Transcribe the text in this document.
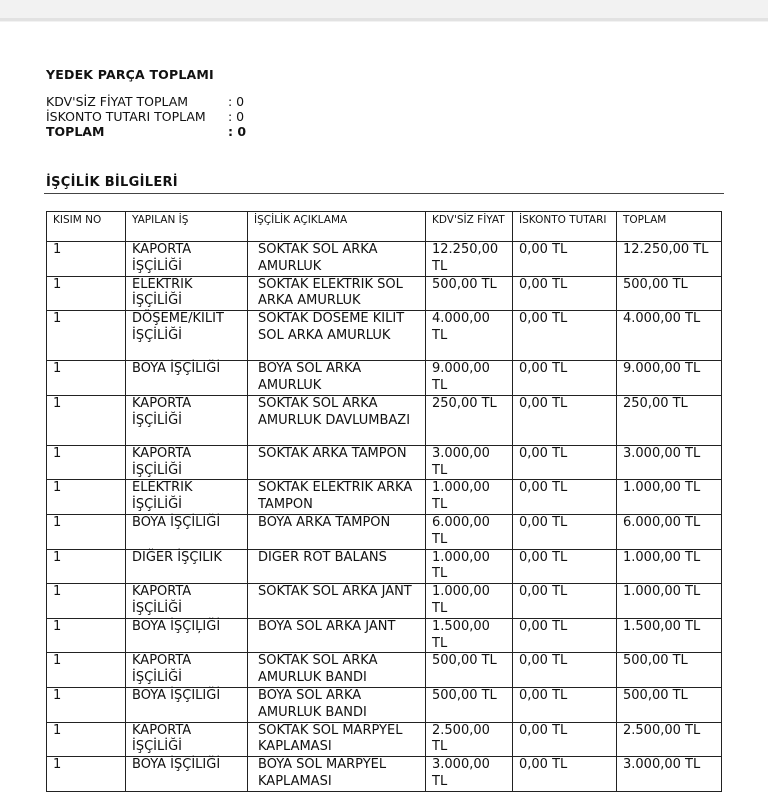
YEDEK PARÇA TOPLAMI
KDV'SİZ FİYAT TOPLAM	: 0
İSKONTO TUTARI TOPLAM : 0
TOPLAM	: 0
İŞÇİLİK BİLGİLERİ
KISIM NO	YAPILAN İŞ	İŞÇİLİK AÇIKLAMA	KDV'SİZ FİYAT	İSKONTO TUTARI	TOPLAM
1	KAPORTA İŞÇİLİĞİ	SOKTAK SOL ARKA AMURLUK	12.250,00 TL	0,00 TL	12.250,00 TL
1	ELEKTRIK İŞÇİLİĞİ	SOKTAK ELEKTRIK SOL ARKA AMURLUK	500,00 TL	0,00 TL	500,00 TL
1	DÖŞEME/KILIT İŞÇİLİĞİ	SOKTAK DOSEME KILIT SOL ARKA AMURLUK	4.000,00 TL	0,00 TL	4.000,00 TL
1	BOYA İŞÇİLIĞİ	BOYA SOL ARKA AMURLUK	9.000,00 TL	0,00 TL	9.000,00 TL
1	KAPORTA İŞÇİLİĞİ	SOKTAK SOL ARKA AMURLUK DAVLUMBAZI	250,00 TL	0,00 TL	250,00 TL
1	KAPORTA İŞÇİLİĞİ	SOKTAK ARKA TAMPON	3.000,00 TL	0,00 TL	3.000,00 TL
1	ELEKTRIK İŞÇİLİĞİ	SOKTAK ELEKTRIK ARKA TAMPON	1.000,00 TL	0,00 TL	1.000,00 TL
1	BOYA İŞÇİLIĞİ	BOYA ARKA TAMPON	6.000,00 TL	0,00 TL	6.000,00 TL
1	DIĞER İŞÇILIK	DIGER ROT BALANS	1.000,00 TL	0,00 TL	1.000,00 TL
1	KAPORTA İŞÇİLİĞİ	SOKTAK SOL ARKA JANT	1.000,00 TL	0,00 TL	1.000,00 TL
1	BOYA İŞÇIĻIĞİ	BOYA SOL ARKA JANT	1.500,00 TL	0,00 TL	1.500,00 TL
1	KAPORTA İŞÇİLİĞİ	SOKTAK SOL ARKA AMURLUK BANDI	500,00 TL	0,00 TL	500,00 TL
1	BOYA İŞÇILIĞİ	BOYA SOL ARKA AMURLUK BANDI	500,00 TL	0,00 TL	500,00 TL
1	KAPORTA İŞÇİLİĞİ	SOKTAK SOL MARPYEL KAPLAMASI	2.500,00 TL	0,00 TL	2.500,00 TL
1	BOYA İŞÇİLIĞİ	BOYA SOL MARPYEL KAPLAMASI	3.000,00 TL	0,00 TL	3.000,00 TL
